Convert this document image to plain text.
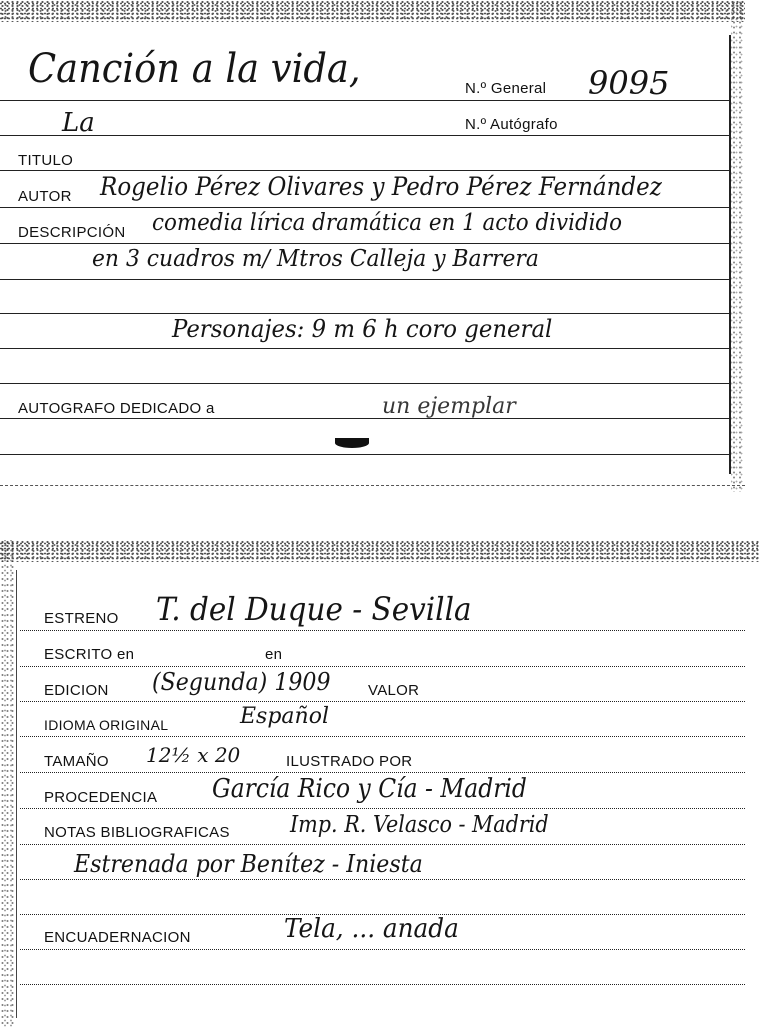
Canción a la vida,
La
N.º General 9095
N.º Autógrafo
TITULO
AUTOR Rogelio Pérez Olivares y Pedro Pérez Fernández
DESCRIPCIÓN comedia lírica dramática en 1 acto dividido
en 3 cuadros m/ Mtros Calleja y Barrera
Personajes: 9 m 6 h coro general
AUTOGRAFO DEDICADO a	un ejemplar
ESTRENO T. del Duque - Sevilla
ESCRITO en	en
EDICION (Segunda) 1909 VALOR
IDIOMA ORIGINAL	Español
TAMAÑO 12½ x 20	ILUSTRADO POR
PROCEDENCIA García Rico y Cía - Madrid
NOTAS BIBLIOGRAFICAS	Imp. R. Velasco - Madrid
Estrenada por Benítez - Iniesta
ENCUADERNACION	Tela, ... anada
